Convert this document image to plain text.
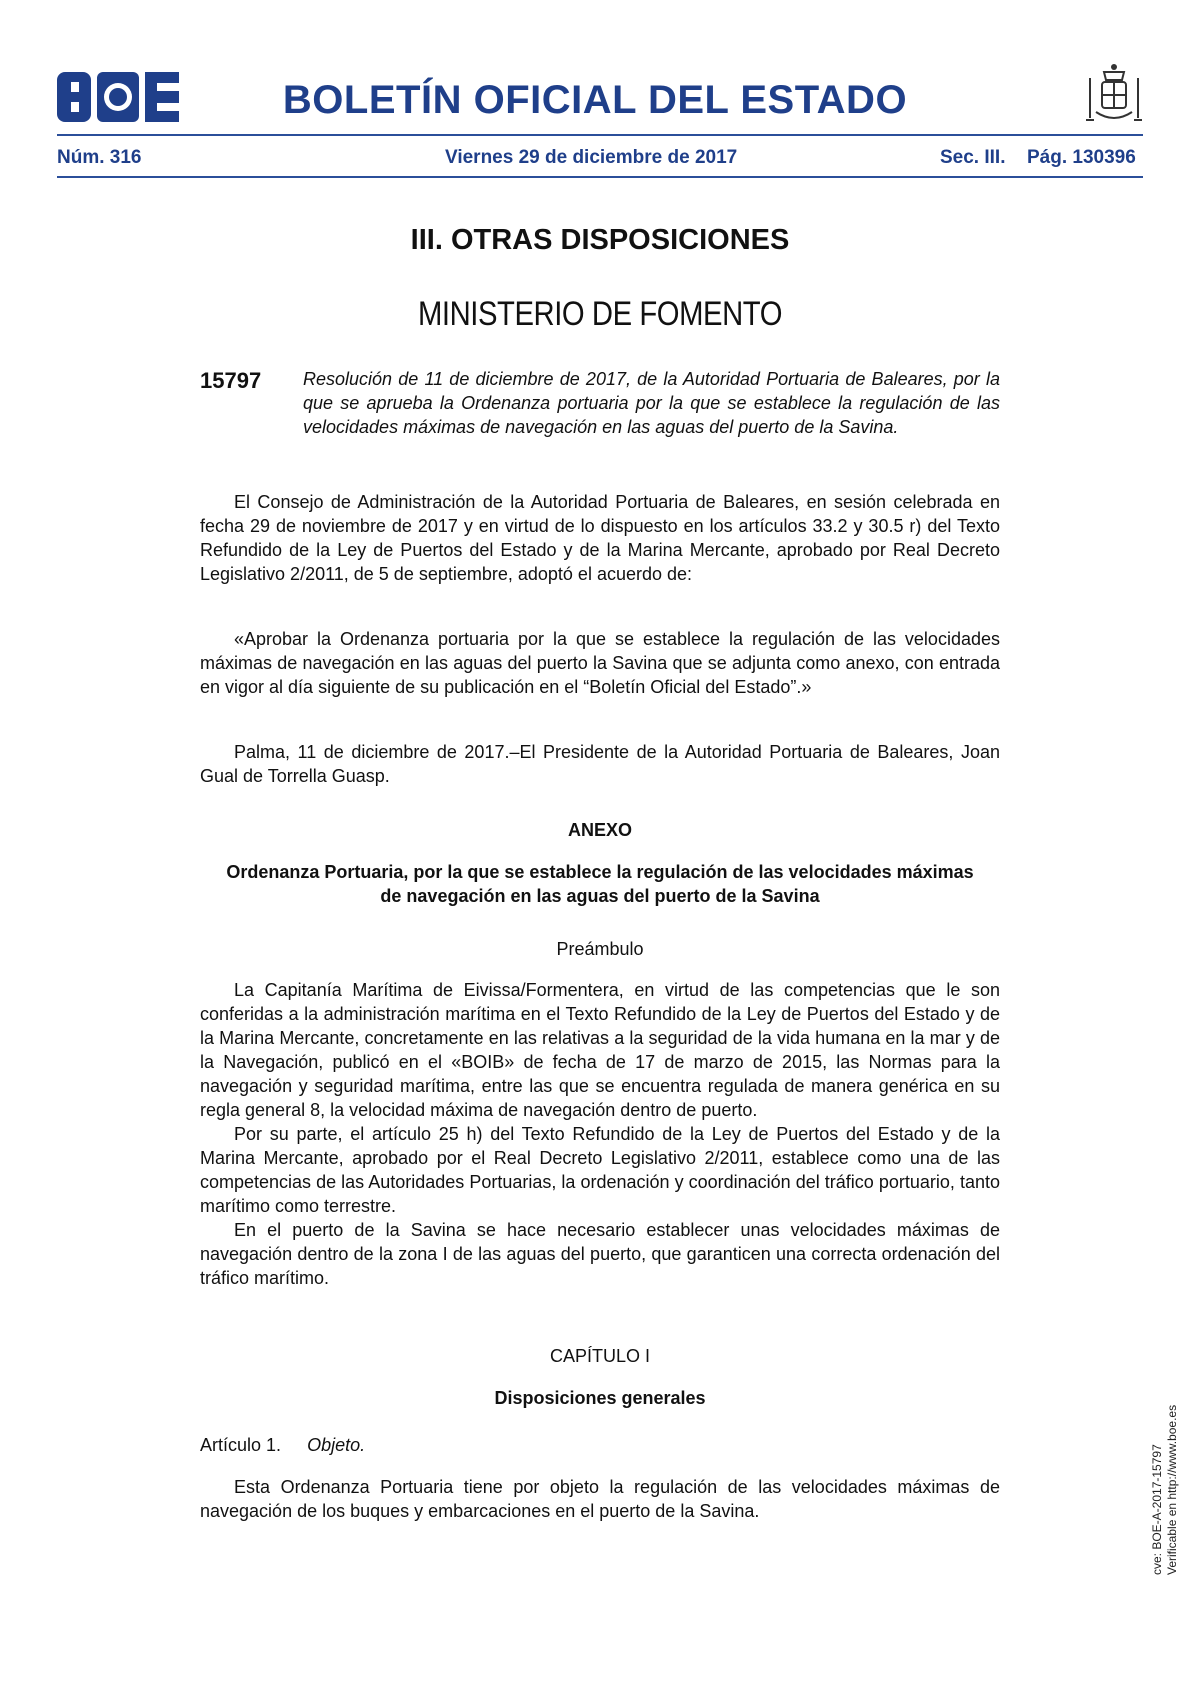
BOLETÍN OFICIAL DEL ESTADO
Núm. 316	Viernes 29 de diciembre de 2017	Sec. III. Pág. 130396
III. OTRAS DISPOSICIONES
MINISTERIO DE FOMENTO
15797 Resolución de 11 de diciembre de 2017, de la Autoridad Portuaria de Baleares, por la que se aprueba la Ordenanza portuaria por la que se establece la regulación de las velocidades máximas de navegación en las aguas del puerto de la Savina.

El Consejo de Administración de la Autoridad Portuaria de Baleares, en sesión celebrada en fecha 29 de noviembre de 2017 y en virtud de lo dispuesto en los artículos 33.2 y 30.5 r) del Texto Refundido de la Ley de Puertos del Estado y de la Marina Mercante, aprobado por Real Decreto Legislativo 2/2011, de 5 de septiembre, adoptó el acuerdo de:

«Aprobar la Ordenanza portuaria por la que se establece la regulación de las velocidades máximas de navegación en las aguas del puerto la Savina que se adjunta como anexo, con entrada en vigor al día siguiente de su publicación en el “Boletín Oficial del Estado”.»

Palma, 11 de diciembre de 2017.–El Presidente de la Autoridad Portuaria de Baleares, Joan Gual de Torrella Guasp.

ANEXO
Ordenanza Portuaria, por la que se establece la regulación de las velocidades máximas de navegación en las aguas del puerto de la Savina
Preámbulo

La Capitanía Marítima de Eivissa/Formentera, en virtud de las competencias que le son conferidas a la administración marítima en el Texto Refundido de la Ley de Puertos del Estado y de la Marina Mercante, concretamente en las relativas a la seguridad de la vida humana en la mar y de la Navegación, publicó en el «BOIB» de fecha de 17 de marzo de 2015, las Normas para la navegación y seguridad marítima, entre las que se encuentra regulada de manera genérica en su regla general 8, la velocidad máxima de navegación dentro de puerto.

Por su parte, el artículo 25 h) del Texto Refundido de la Ley de Puertos del Estado y de la Marina Mercante, aprobado por el Real Decreto Legislativo 2/2011, establece como una de las competencias de las Autoridades Portuarias, la ordenación y coordinación del tráfico portuario, tanto marítimo como terrestre.

En el puerto de la Savina se hace necesario establecer unas velocidades máximas de navegación dentro de la zona I de las aguas del puerto, que garanticen una correcta ordenación del tráfico marítimo.

CAPÍTULO I
Disposiciones generales
Artículo 1. Objeto.

Esta Ordenanza Portuaria tiene por objeto la regulación de las velocidades máximas de navegación de los buques y embarcaciones en el puerto de la Savina.	cve: BOE-A-2017-15797 Verificable en http://www.boe.es
